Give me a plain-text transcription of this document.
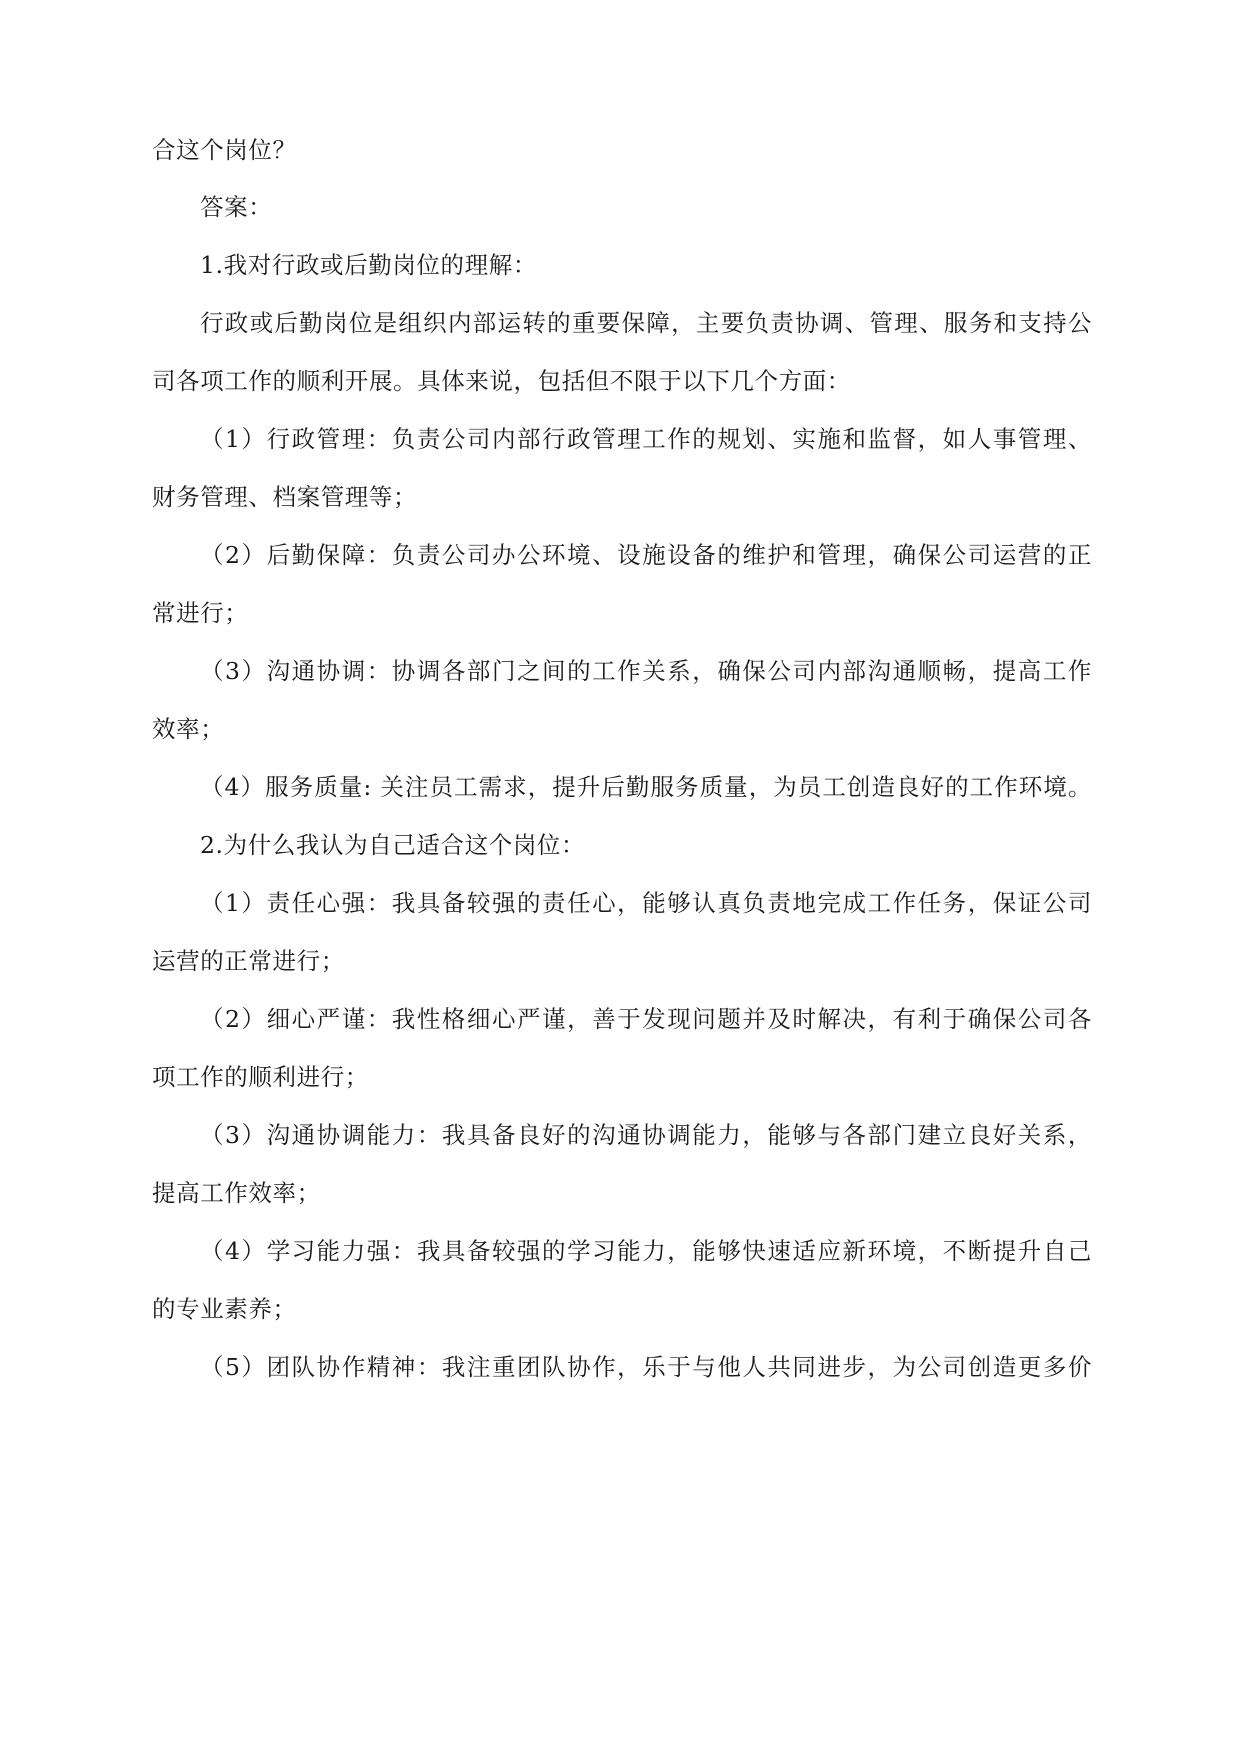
合这个岗位？
答案：
1.我对行政或后勤岗位的理解：
行政或后勤岗位是组织内部运转的重要保障，主要负责协调、管理、服务和支持公
司各项工作的顺利开展。具体来说，包括但不限于以下几个方面：
（1）行政管理：负责公司内部行政管理工作的规划、实施和监督，如人事管理、
财务管理、档案管理等；
（2）后勤保障：负责公司办公环境、设施设备的维护和管理，确保公司运营的正
常进行；
（3）沟通协调：协调各部门之间的工作关系，确保公司内部沟通顺畅，提高工作
效率；
（4）服务质量: 关注员工需求，提升后勤服务质量，为员工创造良好的工作环境。
2.为什么我认为自己适合这个岗位：
（1）责任心强：我具备较强的责任心，能够认真负责地完成工作任务，保证公司
运营的正常进行；
（2）细心严谨：我性格细心严谨，善于发现问题并及时解决，有利于确保公司各
项工作的顺利进行；
（3）沟通协调能力：我具备良好的沟通协调能力，能够与各部门建立良好关系，
提高工作效率；
（4）学习能力强：我具备较强的学习能力，能够快速适应新环境，不断提升自己
的专业素养；
（5）团队协作精神：我注重团队协作，乐于与他人共同进步，为公司创造更多价
